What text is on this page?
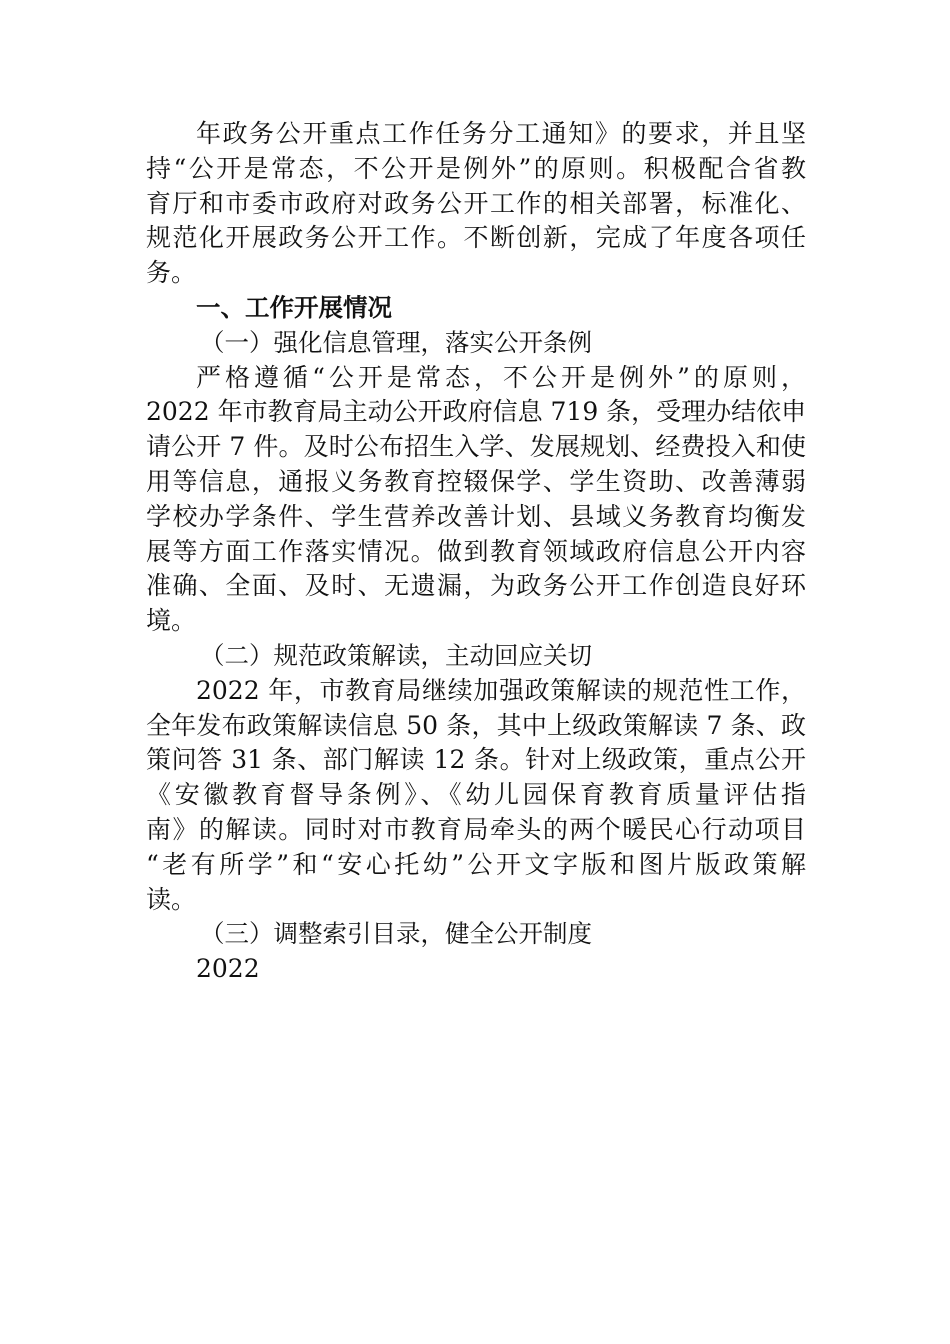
年政务公开重点工作任务分工通知》的要求，并且坚
持“公开是常态，不公开是例外”的原则。积极配合省教
育厅和市委市政府对政务公开工作的相关部署，标准化、
规范化开展政务公开工作。不断创新，完成了年度各项任
务。
一、工作开展情况
（一）强化信息管理，落实公开条例
严格遵循“公开是常态，不公开是例外”的原则，
2022 年市教育局主动公开政府信息 719 条，受理办结依申
请公开 7 件。及时公布招生入学、发展规划、经费投入和使
用等信息，通报义务教育控辍保学、学生资助、改善薄弱
学校办学条件、学生营养改善计划、县域义务教育均衡发
展等方面工作落实情况。做到教育领域政府信息公开内容
准确、全面、及时、无遗漏，为政务公开工作创造良好环
境。
（二）规范政策解读，主动回应关切
2022 年，市教育局继续加强政策解读的规范性工作，
全年发布政策解读信息 50 条，其中上级政策解读 7 条、政
策问答 31 条、部门解读 12 条。针对上级政策，重点公开
《安徽教育督导条例》、《幼儿园保育教育质量评估指
南》的解读。同时对市教育局牵头的两个暖民心行动项目
“老有所学”和“安心托幼”公开文字版和图片版政策解
读。
（三）调整索引目录，健全公开制度
2022
